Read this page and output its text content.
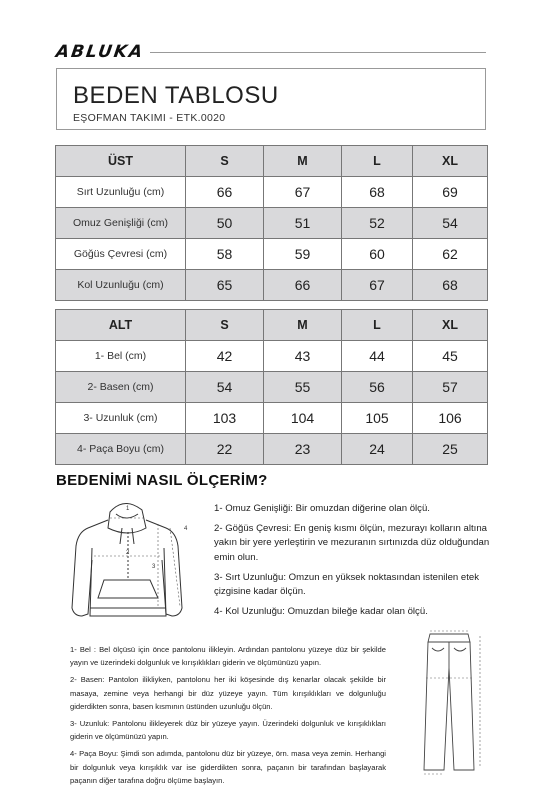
ABLUKA
BEDEN TABLOSU
EŞOFMAN TAKIMI - ETK.0020
ÜST	S	M	L	XL
Sırt Uzunluğu (cm)	66	67	68	69
Omuz Genişliği (cm)	50	51	52	54
Göğüs Çevresi (cm)	58	59	60	62
Kol Uzunluğu (cm)	65	66	67	68
ALT	S	M	L	XL
1- Bel (cm)	42	43	44	45
2- Basen (cm)	54	55	56	57
3- Uzunluk (cm)	103	104	105	106
4- Paça Boyu (cm)	22	23	24	25
BEDENİMİ NASIL ÖLÇERİM?
1
2
3
4

1- Omuz Genişliği: Bir omuzdan diğerine olan ölçü.

2- Göğüs Çevresi: En geniş kısmı ölçün, mezurayı kolların altına yakın bir yere yerleştirin ve mezuranın sırtınızda düz olduğundan emin olun.

3- Sırt Uzunluğu: Omzun en yüksek noktasından istenilen etek çizgisine kadar ölçün.

4- Kol Uzunluğu: Omuzdan bileğe kadar olan ölçü.

1- Bel : Bel ölçüsü için önce pantolonu ilikleyin. Ardından pantolonu yüzeye düz bir şekilde yayın ve üzerindeki dolgunluk ve kırışıklıkları giderin ve ölçümünüzü yapın.

2- Basen: Pantolon ilikliyken, pantolonu her iki köşesinde dış kenarlar olacak şekilde bir masaya, zemine veya herhangi bir düz yüzeye yayın. Tüm kırışıklıkları ve dolgunluğu giderdikten sonra, basen kısmının üstünden uzunluğu ölçün.

3- Uzunluk: Pantolonu ilikleyerek düz bir yüzeye yayın. Üzerindeki dolgunluk ve kırışıklıkları giderin ve ölçümünüzü yapın.

4- Paça Boyu: Şimdi son adımda, pantolonu düz bir yüzeye, örn. masa veya zemin. Herhangi bir dolgunluk veya kırışıklık var ise giderdikten sonra, paçanın bir tarafından başlayarak paçanın diğer tarafına doğru ölçüme başlayın.
